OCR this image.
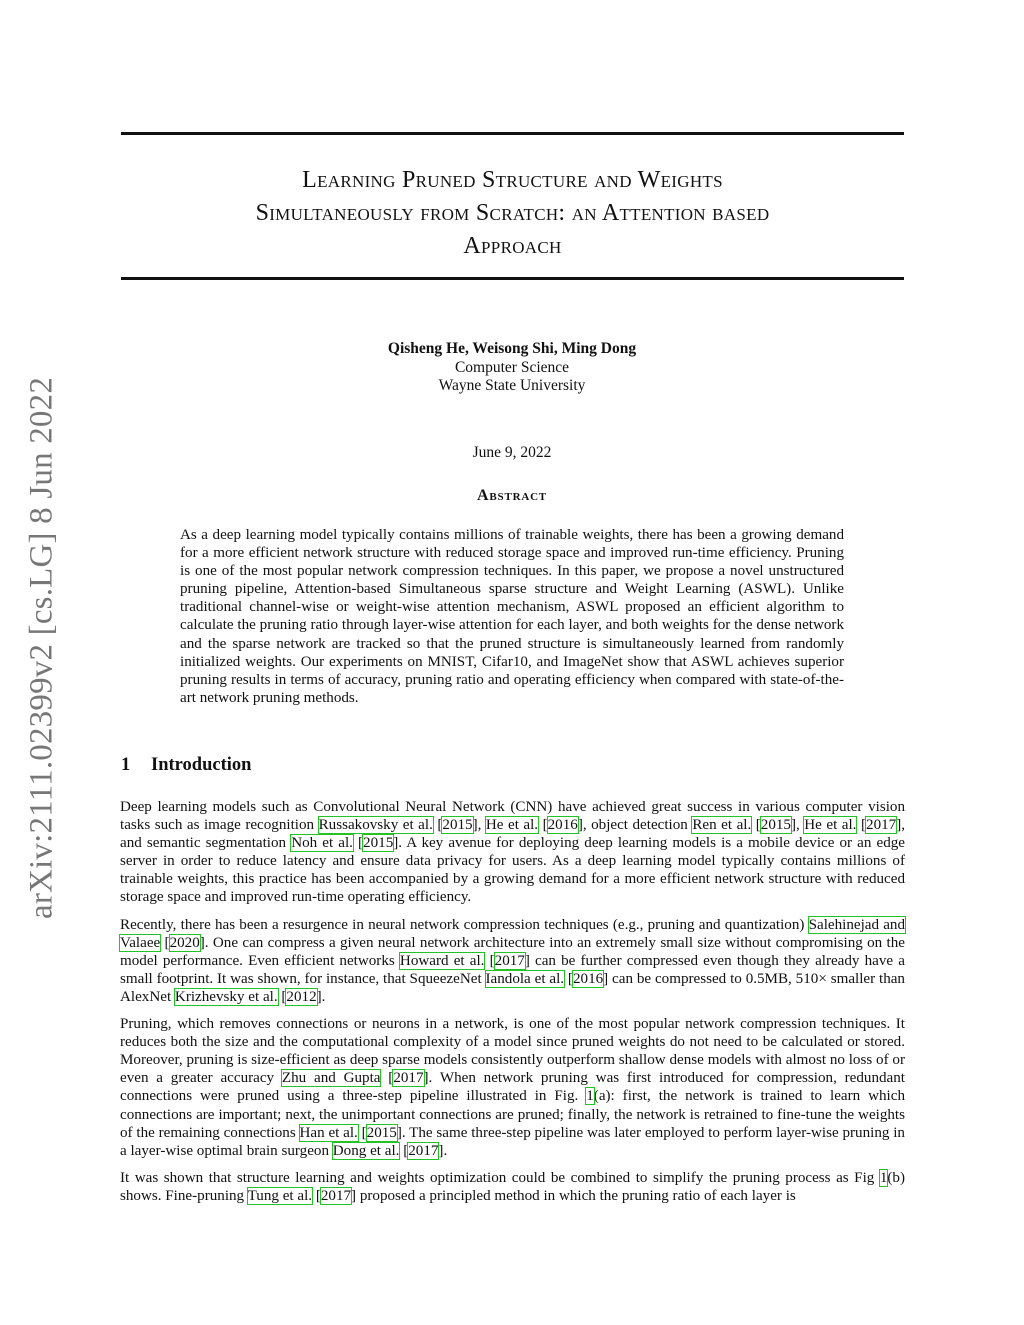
arXiv:2111.02399v2 [cs.LG] 8 Jun 2022
Learning Pruned Structure and Weights
Simultaneously from Scratch: an Attention based
Approach
Qisheng He, Weisong Shi, Ming Dong
Computer Science
Wayne State University
June 9, 2022
Abstract
As a deep learning model typically contains millions of trainable weights, there has been a growing demand for a more efficient network structure with reduced storage space and improved run-time efficiency. Pruning is one of the most popular network compression techniques. In this paper, we propose a novel unstructured pruning pipeline, Attention-based Simultaneous sparse structure and Weight Learning (ASWL). Unlike traditional channel-wise or weight-wise attention mechanism, ASWL proposed an efficient algorithm to calculate the pruning ratio through layer-wise attention for each layer, and both weights for the dense network and the sparse network are tracked so that the pruned structure is simultaneously learned from randomly initialized weights. Our experiments on MNIST, Cifar10, and ImageNet show that ASWL achieves superior pruning results in terms of accuracy, pruning ratio and operating efficiency when compared with state-of-the-art network pruning methods.
1 Introduction

Deep learning models such as Convolutional Neural Network (CNN) have achieved great success in various computer vision tasks such as image recognition Russakovsky et al. [2015], He et al. [2016], object detection Ren et al. [2015], He et al. [2017], and semantic segmentation Noh et al. [2015]. A key avenue for deploying deep learning models is a mobile device or an edge server in order to reduce latency and ensure data privacy for users. As a deep learning model typically contains millions of trainable weights, this practice has been accompanied by a growing demand for a more efficient network structure with reduced storage space and improved run-time operating efficiency.

Recently, there has been a resurgence in neural network compression techniques (e.g., pruning and quantization) Salehinejad and Valaee [2020]. One can compress a given neural network architecture into an extremely small size without compromising on the model performance. Even efficient networks Howard et al. [2017] can be further compressed even though they already have a small footprint. It was shown, for instance, that SqueezeNet Iandola et al. [2016] can be compressed to 0.5MB, 510× smaller than AlexNet Krizhevsky et al. [2012].

Pruning, which removes connections or neurons in a network, is one of the most popular network compression techniques. It reduces both the size and the computational complexity of a model since pruned weights do not need to be calculated or stored. Moreover, pruning is size-efficient as deep sparse models consistently outperform shallow dense models with almost no loss of or even a greater accuracy Zhu and Gupta [2017]. When network pruning was first introduced for compression, redundant connections were pruned using a three-step pipeline illustrated in Fig. 1(a): first, the network is trained to learn which connections are important; next, the unimportant connections are pruned; finally, the network is retrained to fine-tune the weights of the remaining connections Han et al. [2015]. The same three-step pipeline was later employed to perform layer-wise pruning in a layer-wise optimal brain surgeon Dong et al. [2017].

It was shown that structure learning and weights optimization could be combined to simplify the pruning process as Fig 1(b) shows. Fine-pruning Tung et al. [2017] proposed a principled method in which the pruning ratio of each layer is
